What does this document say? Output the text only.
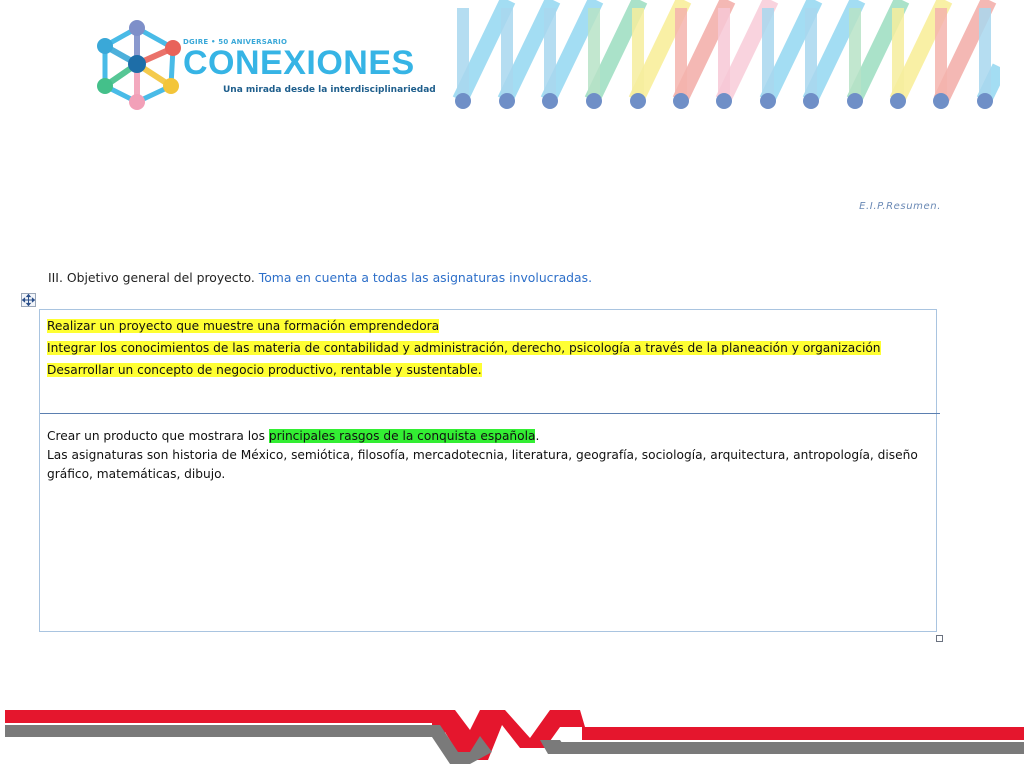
DGIRE • 50 ANIVERSARIO
CONEXIONES
Una mirada desde la interdisciplinariedad
E.I.P.Resumen.
III. Objetivo general del proyecto. Toma en cuenta a todas las asignaturas involucradas.

Realizar un proyecto que muestre una formación emprendedora

Integrar los conocimientos de las materia de contabilidad y administración, derecho, psicología a través de la planeación y organización

Desarrollar un concepto de negocio productivo, rentable y sustentable.

Crear un producto que mostrara los principales rasgos de la conquista española.

Las asignaturas son historia de México, semiótica, filosofía, mercadotecnia, literatura, geografía, sociología, arquitectura, antropología, diseño gráfico, matemáticas, dibujo.
